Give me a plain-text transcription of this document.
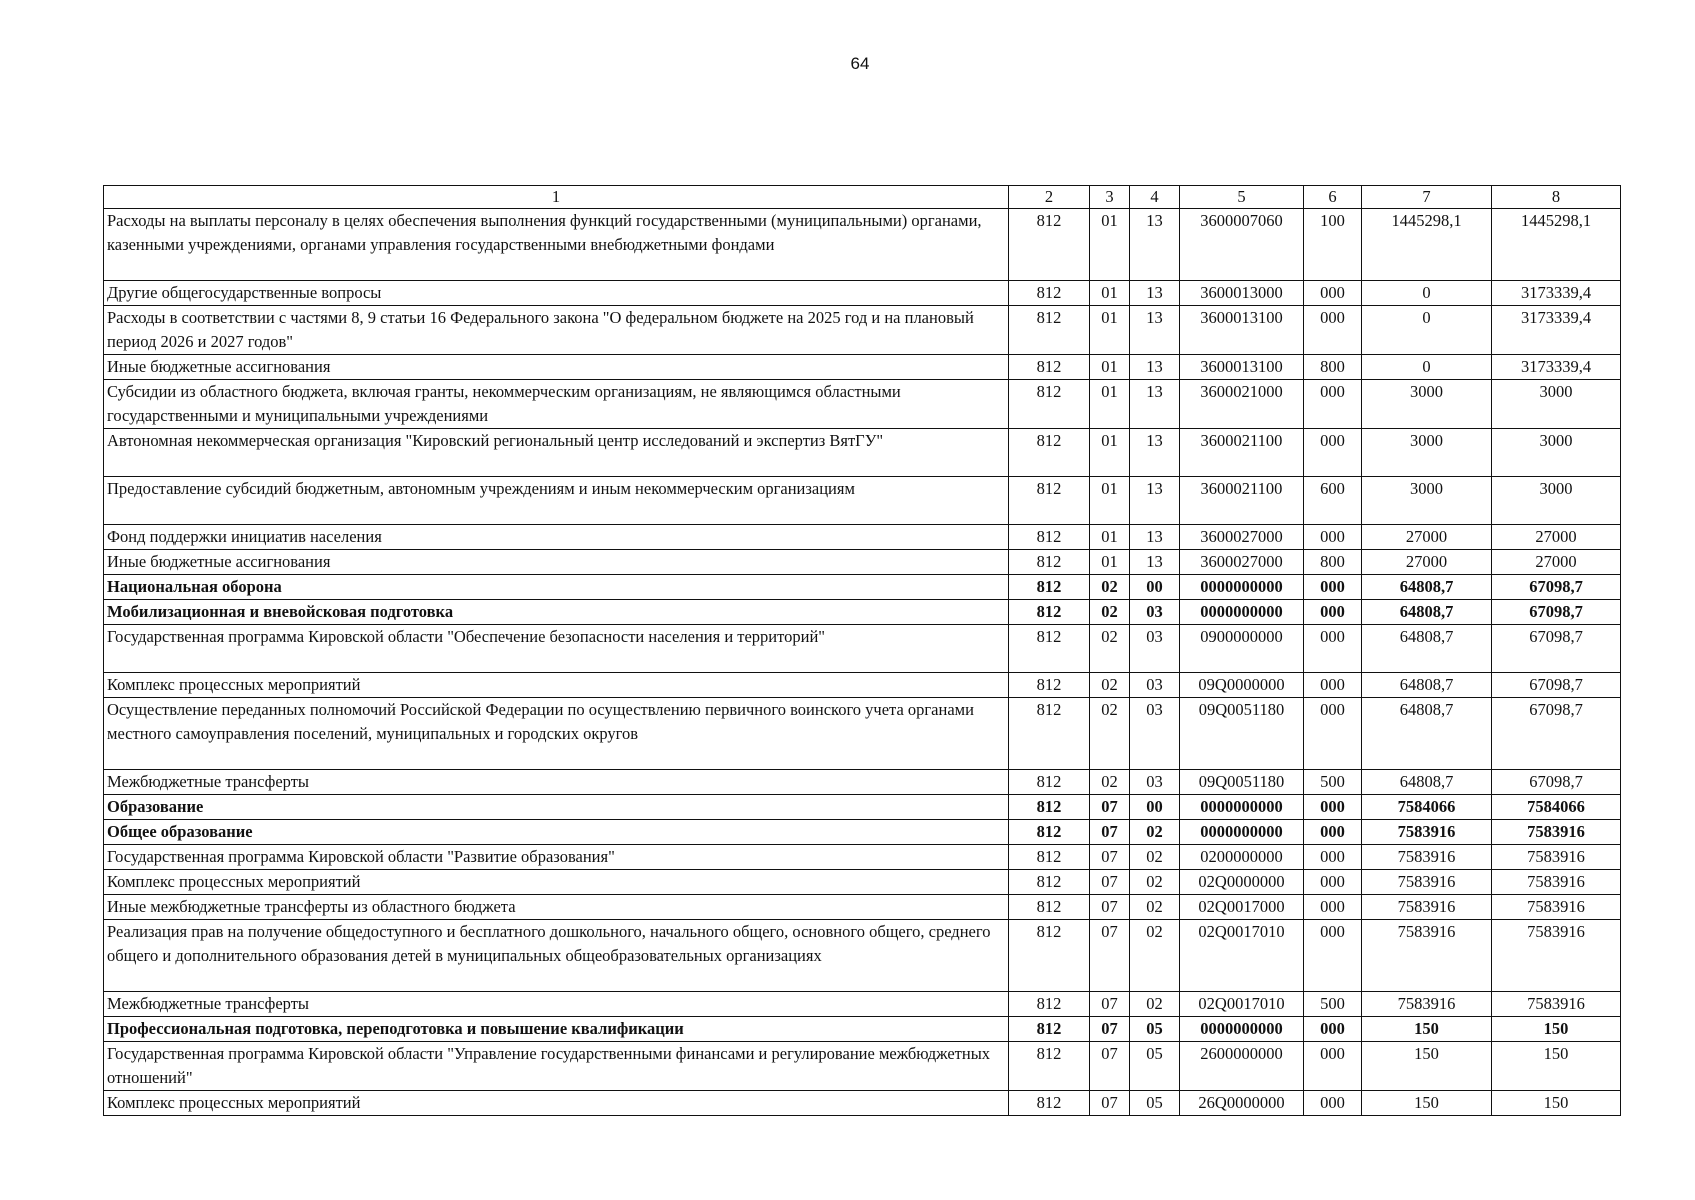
64
1	2	3	4	5	6	7	8
Расходы на выплаты персоналу в целях обеспечения выполнения функций государственными (муниципальными) органами, казенными учреждениями, органами управления государственными внебюджетными фондами	812	01	13	3600007060	100	1445298,1	1445298,1
Другие общегосударственные вопросы	812	01	13	3600013000	000	0	3173339,4
Расходы в соответствии с частями 8, 9 статьи 16 Федерального закона "О федеральном бюджете на 2025 год и на плановый период 2026 и 2027 годов"	812	01	13	3600013100	000	0	3173339,4
Иные бюджетные ассигнования	812	01	13	3600013100	800	0	3173339,4
Субсидии из областного бюджета, включая гранты, некоммерческим организациям, не являющимся областными государственными и муниципальными учреждениями	812	01	13	3600021000	000	3000	3000
Автономная некоммерческая организация "Кировский региональный центр исследований и экспертиз ВятГУ"	812	01	13	3600021100	000	3000	3000
Предоставление субсидий бюджетным, автономным учреждениям и иным некоммерческим организациям	812	01	13	3600021100	600	3000	3000
Фонд поддержки инициатив населения	812	01	13	3600027000	000	27000	27000
Иные бюджетные ассигнования	812	01	13	3600027000	800	27000	27000
Национальная оборона	812	02	00	0000000000	000	64808,7	67098,7
Мобилизационная и вневойсковая подготовка	812	02	03	0000000000	000	64808,7	67098,7
Государственная программа Кировской области "Обеспечение безопасности населения и территорий"	812	02	03	0900000000	000	64808,7	67098,7
Комплекс процессных мероприятий	812	02	03	09Q0000000	000	64808,7	67098,7
Осуществление переданных полномочий Российской Федерации по осуществлению первичного воинского учета органами местного самоуправления поселений, муниципальных и городских округов	812	02	03	09Q0051180	000	64808,7	67098,7
Межбюджетные трансферты	812	02	03	09Q0051180	500	64808,7	67098,7
Образование	812	07	00	0000000000	000	7584066	7584066
Общее образование	812	07	02	0000000000	000	7583916	7583916
Государственная программа Кировской области "Развитие образования"	812	07	02	0200000000	000	7583916	7583916
Комплекс процессных мероприятий	812	07	02	02Q0000000	000	7583916	7583916
Иные межбюджетные трансферты из областного бюджета	812	07	02	02Q0017000	000	7583916	7583916
Реализация прав на получение общедоступного и бесплатного дошкольного, начального общего, основного общего, среднего общего и дополнительного образования детей в муниципальных общеобразовательных организациях	812	07	02	02Q0017010	000	7583916	7583916
Межбюджетные трансферты	812	07	02	02Q0017010	500	7583916	7583916
Профессиональная подготовка, переподготовка и повышение квалификации	812	07	05	0000000000	000	150	150
Государственная программа Кировской области "Управление государственными финансами и регулирование межбюджетных отношений"	812	07	05	2600000000	000	150	150
Комплекс процессных мероприятий	812	07	05	26Q0000000	000	150	150
